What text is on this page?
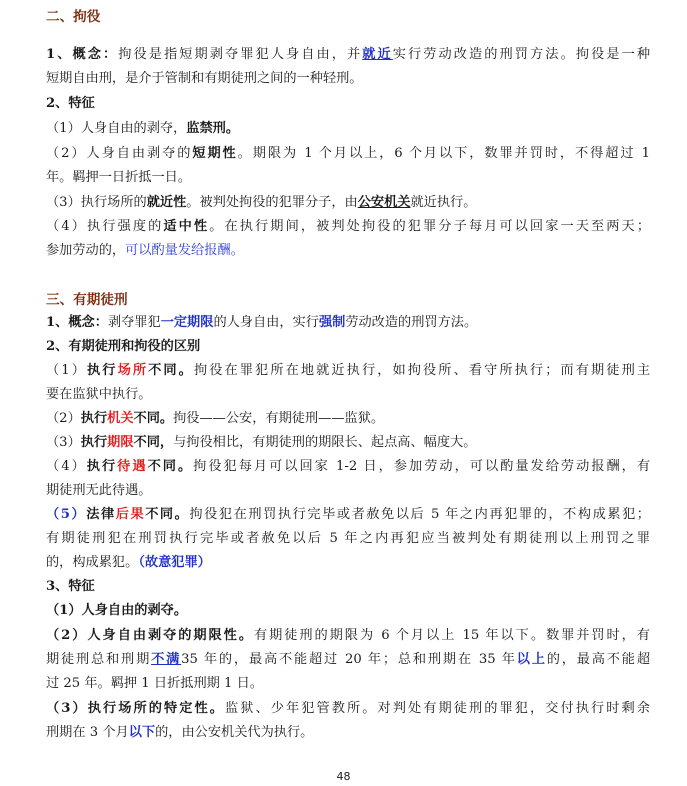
二、拘役
1、概念：拘役是指短期剥夺罪犯人身自由，并就近实行劳动改造的刑罚方法。拘役是一种
短期自由刑，是介于管制和有期徒刑之间的一种轻刑。
2、特征
（1）人身自由的剥夺，监禁刑。
（2）人身自由剥夺的短期性。期限为 1 个月以上，6 个月以下，数罪并罚时，不得超过 1
年。羁押一日折抵一日。
（3）执行场所的就近性。被判处拘役的犯罪分子，由公安机关就近执行。
（4）执行强度的适中性。在执行期间，被判处拘役的犯罪分子每月可以回家一天至两天；
参加劳动的，可以酌量发给报酬。
三、有期徒刑
1、概念：剥夺罪犯一定期限的人身自由，实行强制劳动改造的刑罚方法。
2、有期徒刑和拘役的区别
（1）执行场所不同。拘役在罪犯所在地就近执行，如拘役所、看守所执行；而有期徒刑主
要在监狱中执行。
（2）执行机关不同。拘役——公安，有期徒刑——监狱。
（3）执行期限不同，与拘役相比，有期徒刑的期限长、起点高、幅度大。
（4）执行待遇不同。拘役犯每月可以回家 1-2 日，参加劳动，可以酌量发给劳动报酬，有
期徒刑无此待遇。
（5）法律后果不同。拘役犯在刑罚执行完毕或者赦免以后 5 年之内再犯罪的，不构成累犯；
有期徒刑犯在刑罚执行完毕或者赦免以后 5 年之内再犯应当被判处有期徒刑以上刑罚之罪
的，构成累犯。（故意犯罪）
3、特征
（1）人身自由的剥夺。
（2）人身自由剥夺的期限性。有期徒刑的期限为 6 个月以上 15 年以下。数罪并罚时，有
期徒刑总和刑期不满35 年的，最高不能超过 20 年；总和刑期在 35 年以上的，最高不能超
过 25 年。羁押 1 日折抵刑期 1 日。
（3）执行场所的特定性。监狱、少年犯管教所。对判处有期徒刑的罪犯，交付执行时剩余
刑期在 3 个月以下的，由公安机关代为执行。
48
